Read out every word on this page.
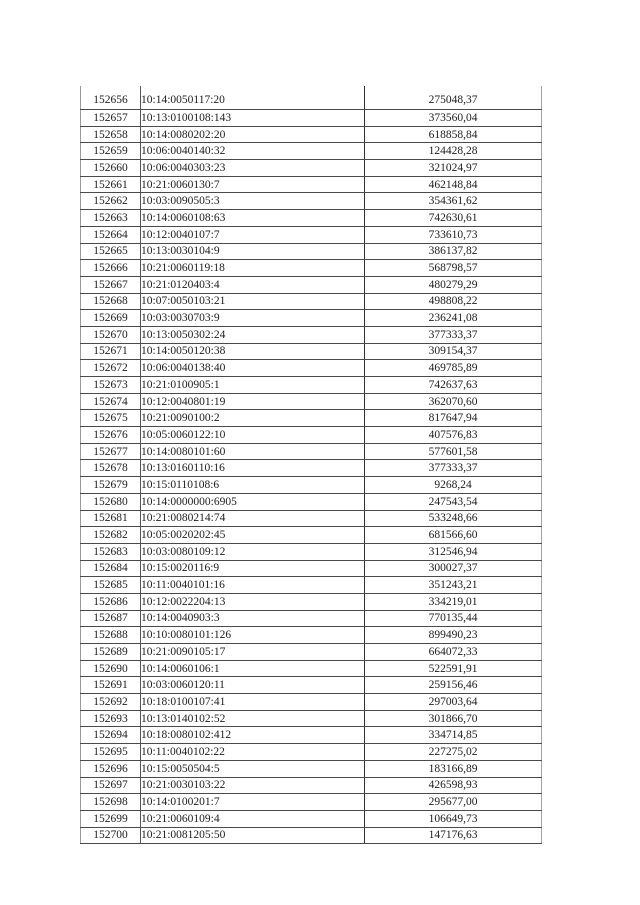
152656	10:14:0050117:20	275048,37
152657	10:13:0100108:143	373560,04
152658	10:14:0080202:20	618858,84
152659	10:06:0040140:32	124428,28
152660	10:06:0040303:23	321024,97
152661	10:21:0060130:7	462148,84
152662	10:03:0090505:3	354361,62
152663	10:14:0060108:63	742630,61
152664	10:12:0040107:7	733610,73
152665	10:13:0030104:9	386137,82
152666	10:21:0060119:18	568798,57
152667	10:21:0120403:4	480279,29
152668	10:07:0050103:21	498808,22
152669	10:03:0030703:9	236241,08
152670	10:13:0050302:24	377333,37
152671	10:14:0050120:38	309154,37
152672	10:06:0040138:40	469785,89
152673	10:21:0100905:1	742637,63
152674	10:12:0040801:19	362070,60
152675	10:21:0090100:2	817647,94
152676	10:05:0060122:10	407576,83
152677	10:14:0080101:60	577601,58
152678	10:13:0160110:16	377333,37
152679	10:15:0110108:6	9268,24
152680	10:14:0000000:6905	247543,54
152681	10:21:0080214:74	533248,66
152682	10:05:0020202:45	681566,60
152683	10:03:0080109:12	312546,94
152684	10:15:0020116:9	300027,37
152685	10:11:0040101:16	351243,21
152686	10:12:0022204:13	334219,01
152687	10:14:0040903:3	770135,44
152688	10:10:0080101:126	899490,23
152689	10:21:0090105:17	664072,33
152690	10:14:0060106:1	522591,91
152691	10:03:0060120:11	259156,46
152692	10:18:0100107:41	297003,64
152693	10:13:0140102:52	301866,70
152694	10:18:0080102:412	334714,85
152695	10:11:0040102:22	227275,02
152696	10:15:0050504:5	183166,89
152697	10:21:0030103:22	426598,93
152698	10:14:0100201:7	295677,00
152699	10:21:0060109:4	106649,73
152700	10:21:0081205:50	147176,63
